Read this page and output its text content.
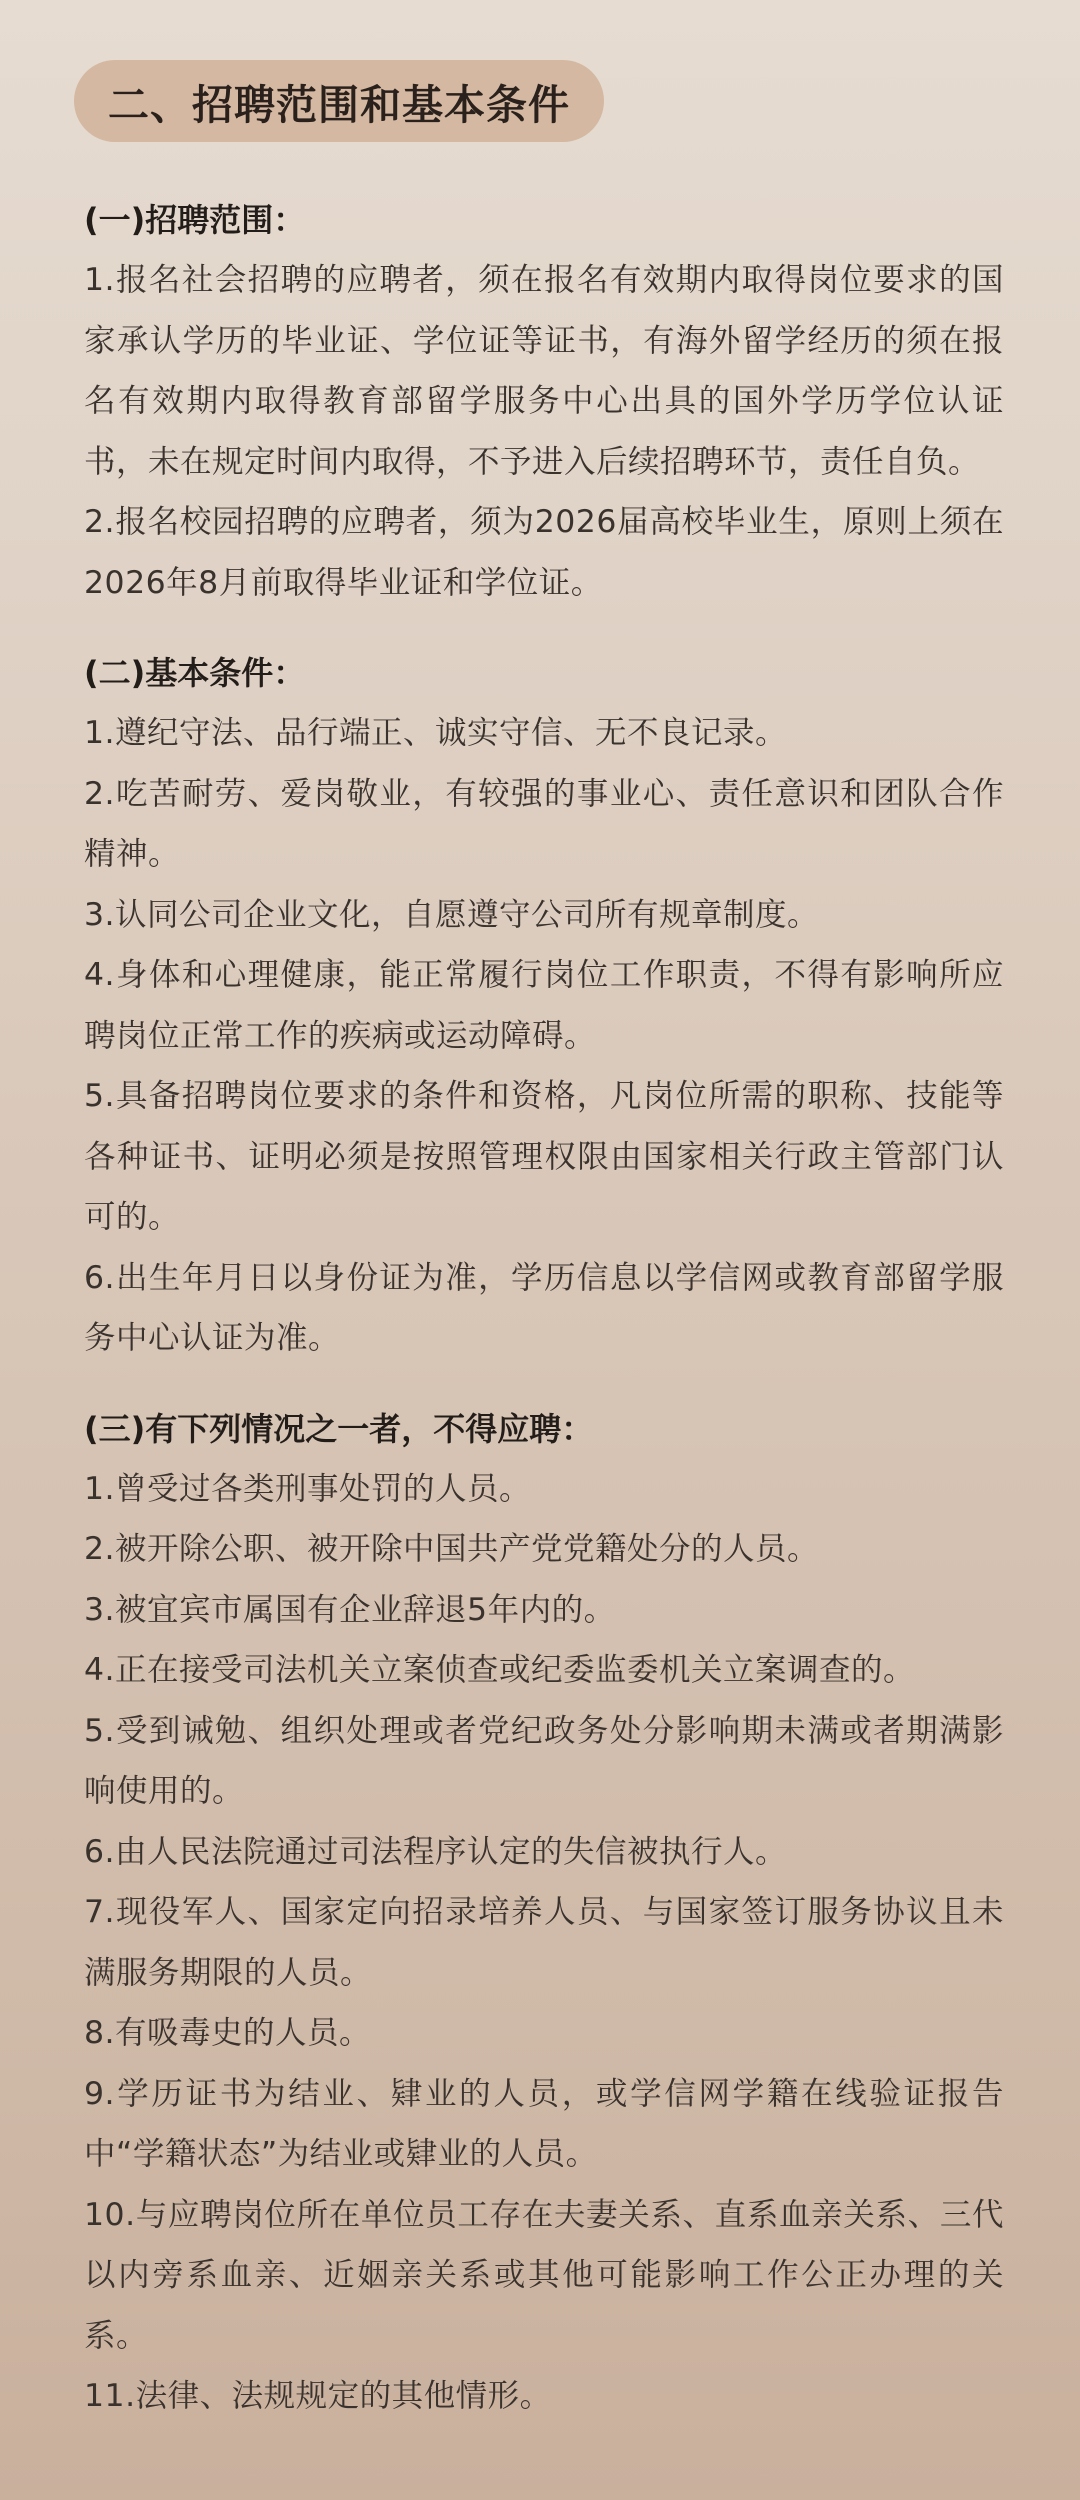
二、招聘范围和基本条件
(一)招聘范围：
1.报名社会招聘的应聘者，须在报名有效期内取得岗位要求的国家承认学历的毕业证、学位证等证书，有海外留学经历的须在报名有效期内取得教育部留学服务中心出具的国外学历学位认证书，未在规定时间内取得，不予进入后续招聘环节，责任自负。
2.报名校园招聘的应聘者，须为2026届高校毕业生，原则上须在2026年8月前取得毕业证和学位证。
(二)基本条件：
1.遵纪守法、品行端正、诚实守信、无不良记录。
2.吃苦耐劳、爱岗敬业，有较强的事业心、责任意识和团队合作精神。
3.认同公司企业文化，自愿遵守公司所有规章制度。
4.身体和心理健康，能正常履行岗位工作职责，不得有影响所应聘岗位正常工作的疾病或运动障碍。
5.具备招聘岗位要求的条件和资格，凡岗位所需的职称、技能等各种证书、证明必须是按照管理权限由国家相关行政主管部门认可的。
6.出生年月日以身份证为准，学历信息以学信网或教育部留学服务中心认证为准。
(三)有下列情况之一者，不得应聘：
1.曾受过各类刑事处罚的人员。
2.被开除公职、被开除中国共产党党籍处分的人员。
3.被宜宾市属国有企业辞退5年内的。
4.正在接受司法机关立案侦查或纪委监委机关立案调查的。
5.受到诫勉、组织处理或者党纪政务处分影响期未满或者期满影响使用的。
6.由人民法院通过司法程序认定的失信被执行人。
7.现役军人、国家定向招录培养人员、与国家签订服务协议且未满服务期限的人员。
8.有吸毒史的人员。
9.学历证书为结业、肄业的人员，或学信网学籍在线验证报告中“学籍状态”为结业或肄业的人员。
10.与应聘岗位所在单位员工存在夫妻关系、直系血亲关系、三代以内旁系血亲、近姻亲关系或其他可能影响工作公正办理的关系。
11.法律、法规规定的其他情形。
